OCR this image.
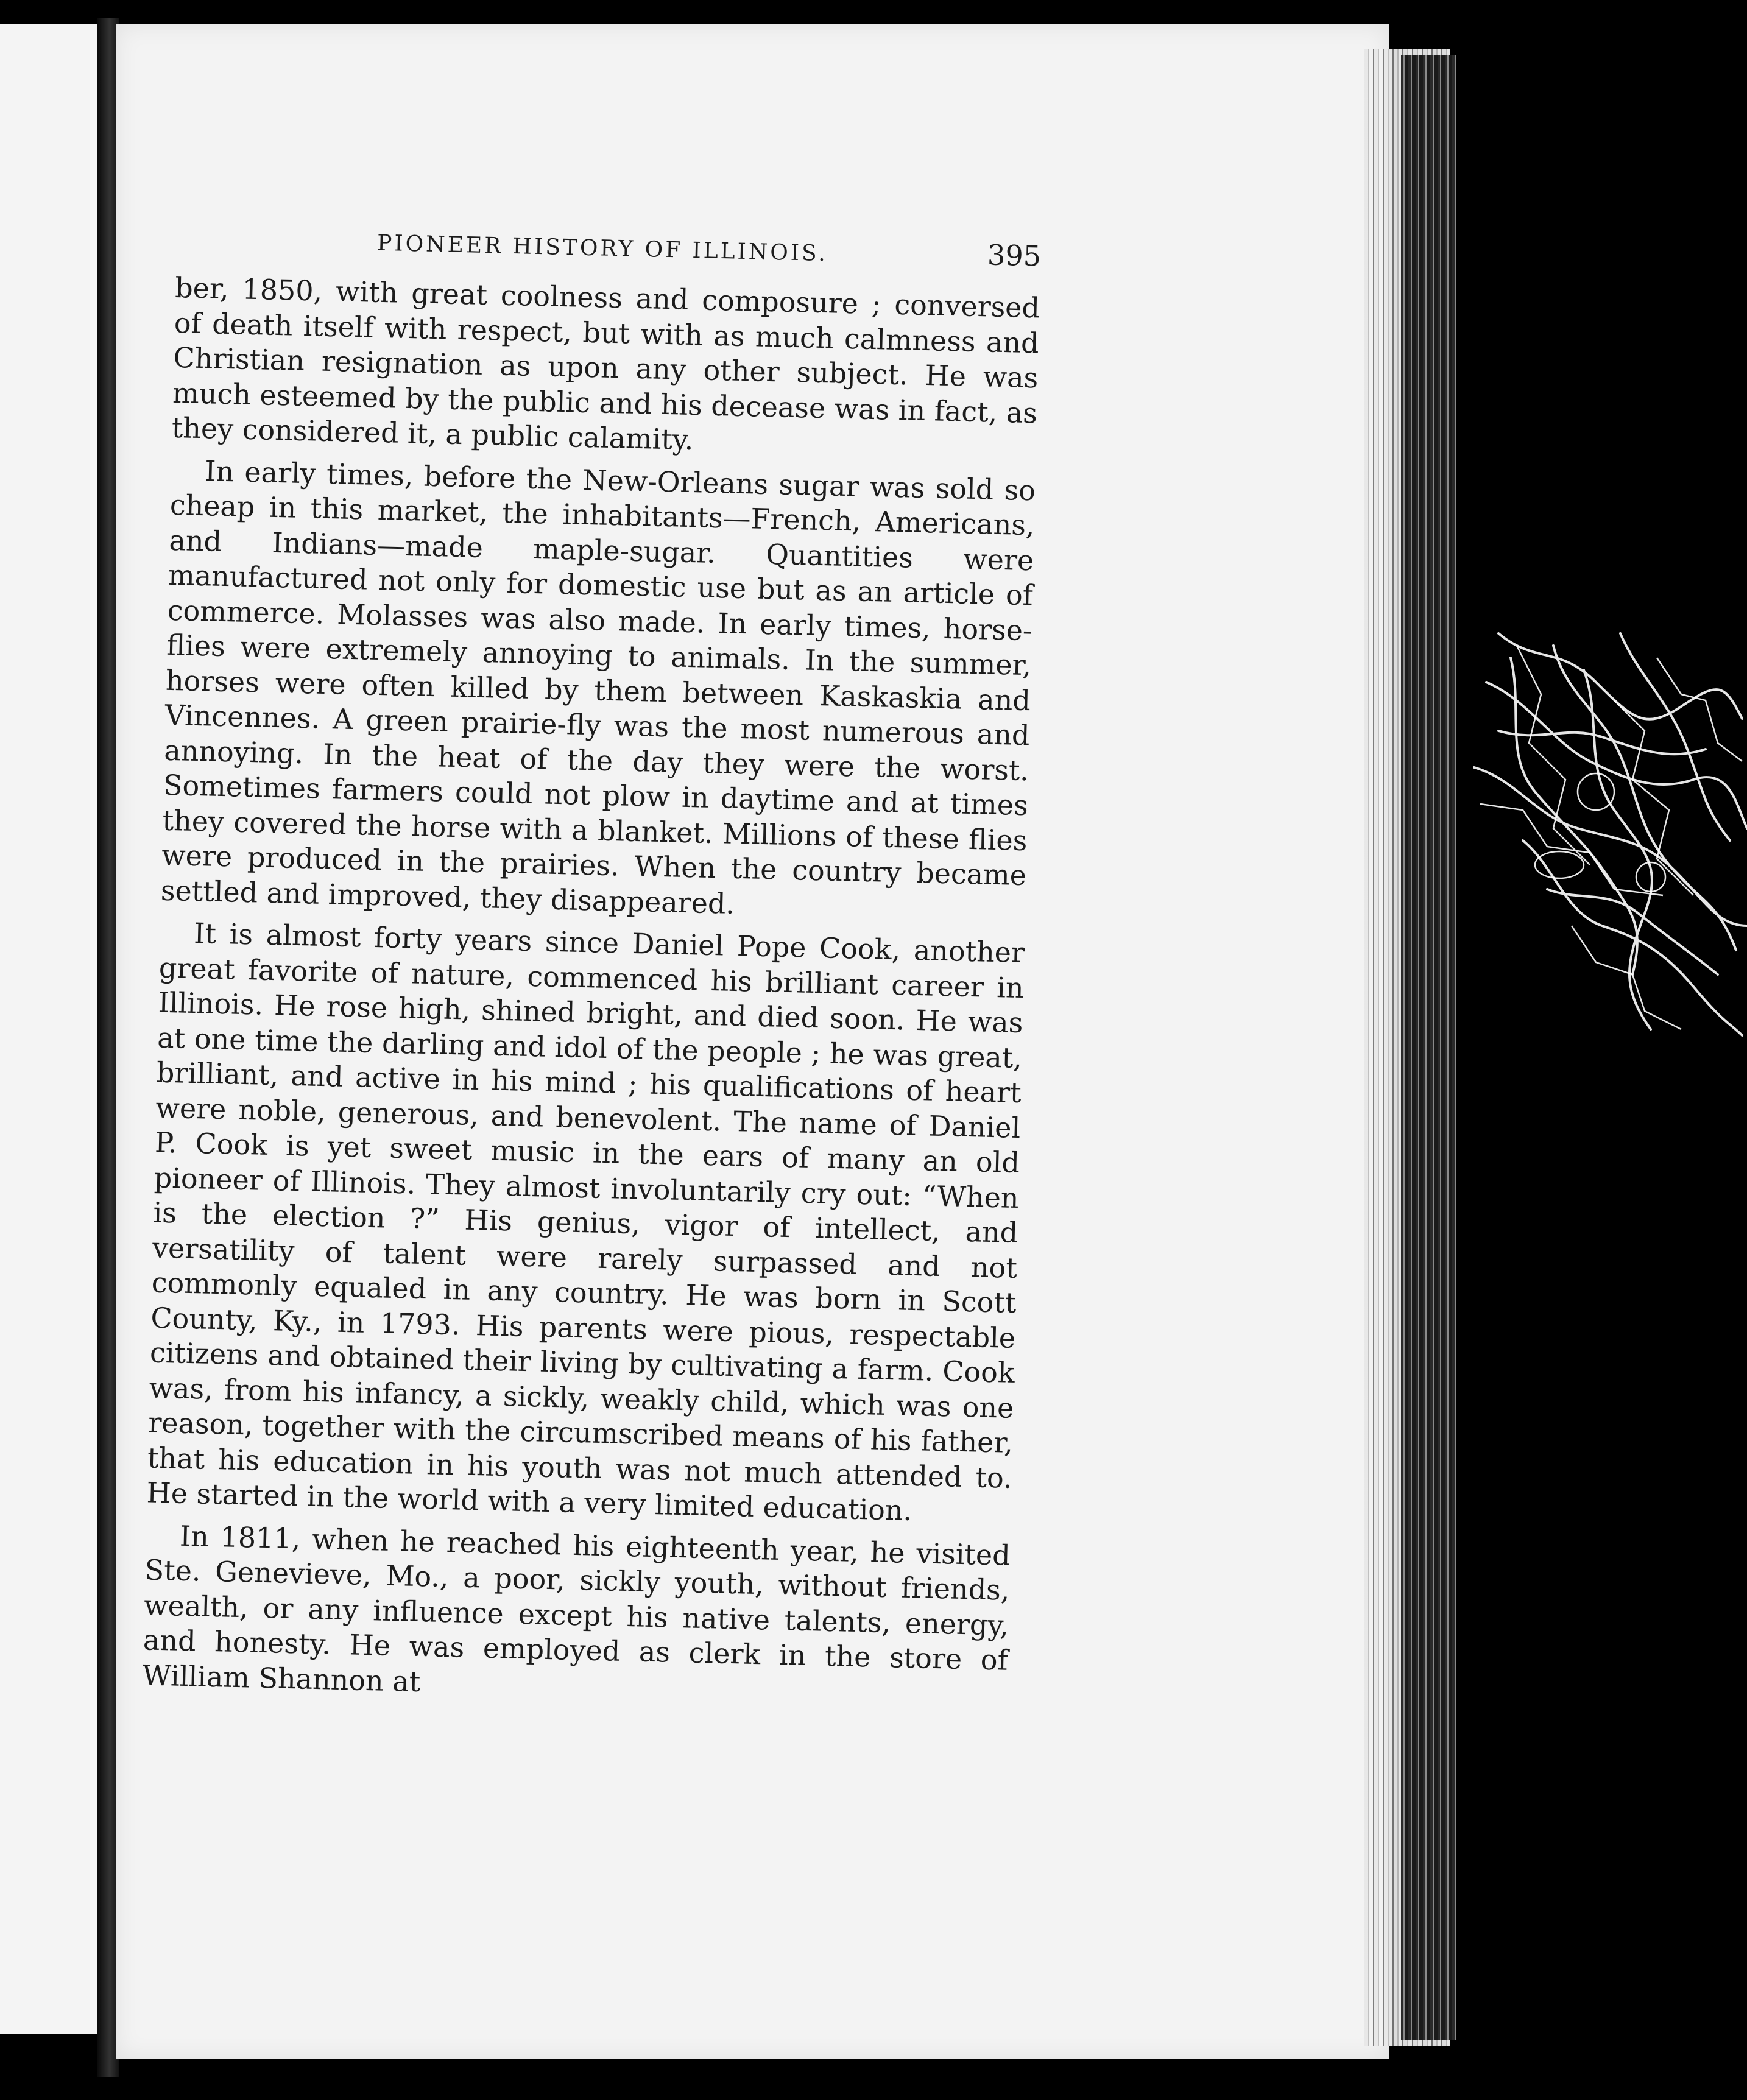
PIONEER HISTORY OF ILLINOIS.	395

ber, 1850, with great coolness and composure ; conversed of death itself with respect, but with as much calmness and Christian resignation as upon any other subject. He was much esteemed by the public and his decease was in fact, as they considered it, a public calamity.

In early times, before the New-Orleans sugar was sold so cheap in this market, the inhabitants—French, Americans, and Indians—made maple-sugar. Quantities were manufactured not only for domestic use but as an article of commerce. Molasses was also made. In early times, horse-flies were extremely annoying to animals. In the summer, horses were often killed by them between Kaskaskia and Vincennes. A green prairie-fly was the most numerous and annoying. In the heat of the day they were the worst. Sometimes farmers could not plow in daytime and at times they covered the horse with a blanket. Millions of these flies were produced in the prairies. When the country became settled and improved, they disappeared.

It is almost forty years since Daniel Pope Cook, another great favorite of nature, commenced his brilliant career in Illinois. He rose high, shined bright, and died soon. He was at one time the darling and idol of the people ; he was great, brilliant, and active in his mind ; his qualifications of heart were noble, generous, and benevolent. The name of Daniel P. Cook is yet sweet music in the ears of many an old pioneer of Illinois. They almost involuntarily cry out: “When is the election ?” His genius, vigor of intellect, and versatility of talent were rarely surpassed and not commonly equaled in any country. He was born in Scott County, Ky., in 1793. His parents were pious, respectable citizens and obtained their living by cultivating a farm. Cook was, from his infancy, a sickly, weakly child, which was one reason, together with the circumscribed means of his father, that his education in his youth was not much attended to. He started in the world with a very limited education.

In 1811, when he reached his eighteenth year, he visited Ste. Genevieve, Mo., a poor, sickly youth, without friends, wealth, or any influence except his native talents, energy, and honesty. He was employed as clerk in the store of William Shannon at
